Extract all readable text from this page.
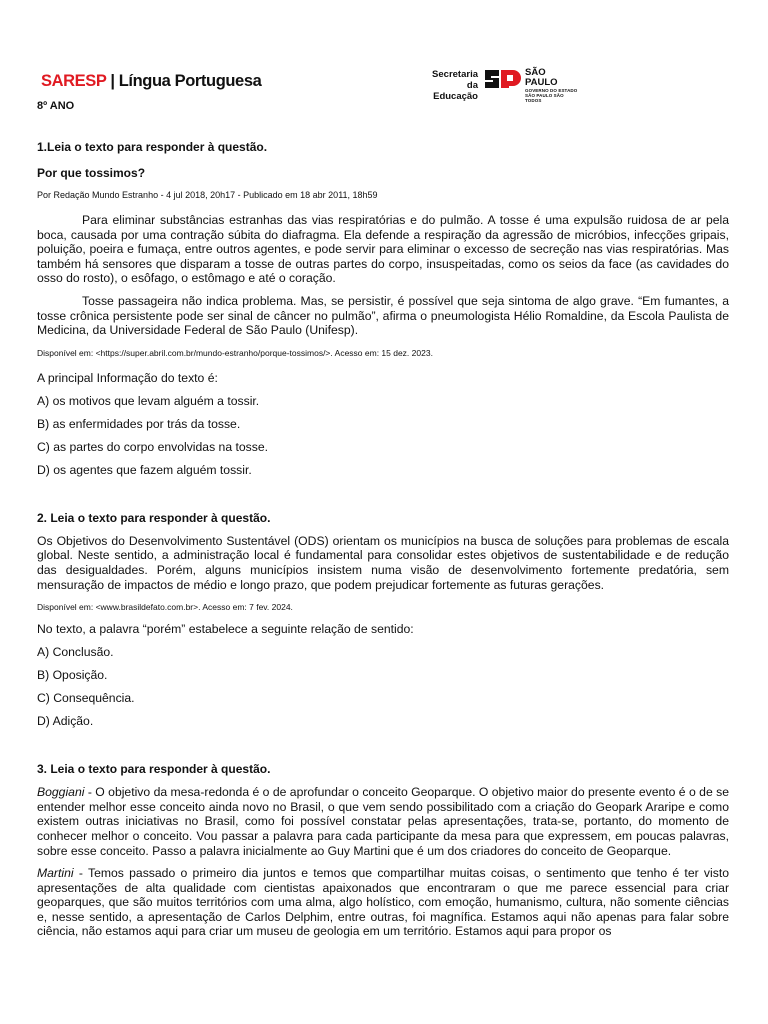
SARESP | Língua Portuguesa	Secretaria da
Educação
SÃO PAULO
GOVERNO DO ESTADO
SÃO PAULO SÃO TODOS
8º ANO

1.Leia o texto para responder à questão.

Por que tossimos?

Por Redação Mundo Estranho - 4 jul 2018, 20h17 - Publicado em 18 abr 2011, 18h59

Para eliminar substâncias estranhas das vias respiratórias e do pulmão. A tosse é uma expulsão ruidosa de ar pela boca, causada por uma contração súbita do diafragma. Ela defende a respiração da agressão de micróbios, infecções gripais, poluição, poeira e fumaça, entre outros agentes, e pode servir para eliminar o excesso de secreção nas vias respiratórias. Mas também há sensores que disparam a tosse de outras partes do corpo, insuspeitadas, como os seios da face (as cavidades do osso do rosto), o esôfago, o estômago e até o coração.

Tosse passageira não indica problema. Mas, se persistir, é possível que seja sintoma de algo grave. “Em fumantes, a tosse crônica persistente pode ser sinal de câncer no pulmão”, afirma o pneumologista Hélio Romaldine, da Escola Paulista de Medicina, da Universidade Federal de São Paulo (Unifesp).

Disponível em: <https://super.abril.com.br/mundo-estranho/porque-tossimos/>. Acesso em: 15 dez. 2023.

A principal Informação do texto é:

A) os motivos que levam alguém a tossir.

B) as enfermidades por trás da tosse.

C) as partes do corpo envolvidas na tosse.

D) os agentes que fazem alguém tossir.

2. Leia o texto para responder à questão.

Os Objetivos do Desenvolvimento Sustentável (ODS) orientam os municípios na busca de soluções para problemas de escala global. Neste sentido, a administração local é fundamental para consolidar estes objetivos de sustentabilidade e de redução das desigualdades. Porém, alguns municípios insistem numa visão de desenvolvimento fortemente predatória, sem mensuração de impactos de médio e longo prazo, que podem prejudicar fortemente as futuras gerações.

Disponível em: <www.brasildefato.com.br>. Acesso em: 7 fev. 2024.

No texto, a palavra “porém” estabelece a seguinte relação de sentido:

A) Conclusão.

B) Oposição.

C) Consequência.

D) Adição.

3. Leia o texto para responder à questão.

Boggiani - O objetivo da mesa-redonda é o de aprofundar o conceito Geoparque. O objetivo maior do presente evento é o de se entender melhor esse conceito ainda novo no Brasil, o que vem sendo possibilitado com a criação do Geopark Araripe e como existem outras iniciativas no Brasil, como foi possível constatar pelas apresentações, trata-se, portanto, do momento de conhecer melhor o conceito. Vou passar a palavra para cada participante da mesa para que expressem, em poucas palavras, sobre esse conceito. Passo a palavra inicialmente ao Guy Martini que é um dos criadores do conceito de Geoparque.

Martini - Temos passado o primeiro dia juntos e temos que compartilhar muitas coisas, o sentimento que tenho é ter visto apresentações de alta qualidade com cientistas apaixonados que encontraram o que me parece essencial para criar geoparques, que são muitos territórios com uma alma, algo holístico, com emoção, humanismo, cultura, não somente ciências e, nesse sentido, a apresentação de Carlos Delphim, entre outras, foi magnífica. Estamos aqui não apenas para falar sobre ciência, não estamos aqui para criar um museu de geologia em um território. Estamos aqui para propor os
